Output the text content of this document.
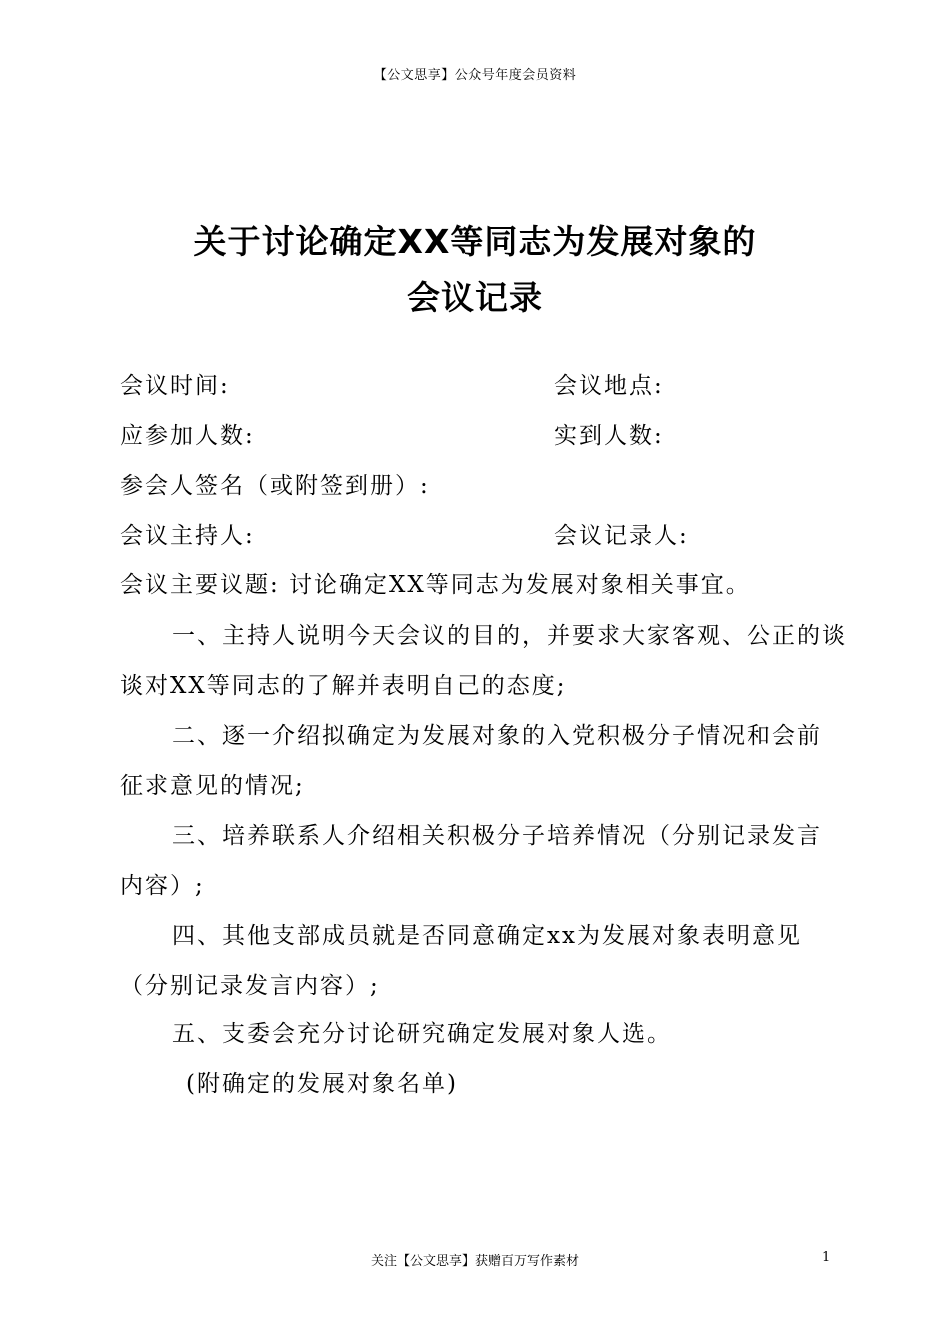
【公文思享】公众号年度会员资料
关于讨论确定XX等同志为发展对象的
会议记录
会议时间:	会议地点:
应参加人数:	实到人数:
参会人签名（或附签到册）:
会议主持人:	会议记录人:
会议主要议题: 讨论确定XX等同志为发展对象相关事宜。
一、主持人说明今天会议的目的，并要求大家客观、公正的谈
谈对XX等同志的了解并表明自己的态度;
二、逐一介绍拟确定为发展对象的入党积极分子情况和会前
征求意见的情况;
三、培养联系人介绍相关积极分子培养情况（分别记录发言
内容）;
四、其他支部成员就是否同意确定xx为发展对象表明意见
（分别记录发言内容）;
五、支委会充分讨论研究确定发展对象人选。
(附确定的发展对象名单)
关注【公文思享】获赠百万写作素材	1
